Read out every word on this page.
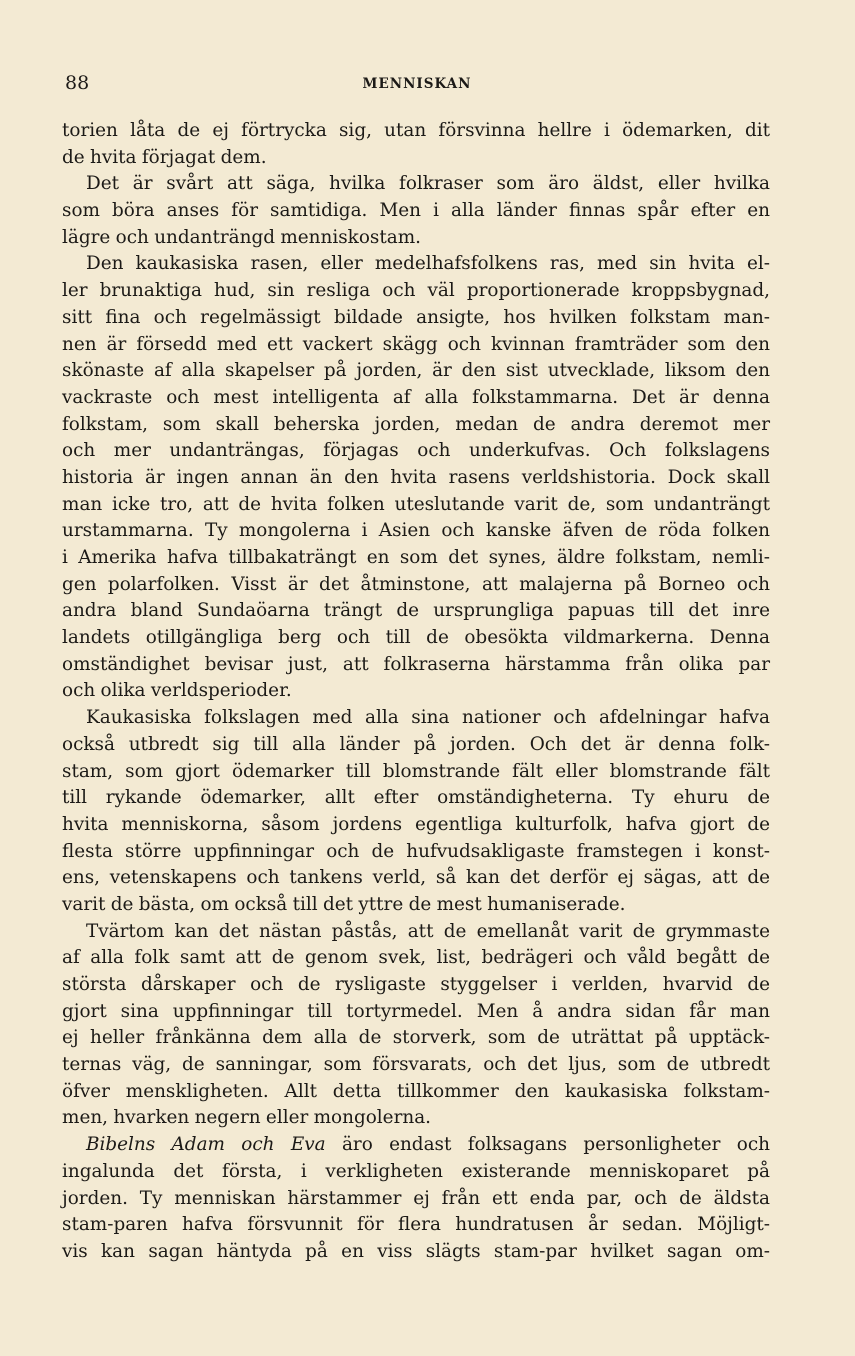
88	MENNISKAN
torien låta de ej förtrycka sig, utan försvinna hellre i ödemarken, dit
de hvita förjagat dem.
Det är svårt att säga, hvilka folkraser som äro äldst, eller hvilka
som böra anses för samtidiga. Men i alla länder finnas spår efter en
lägre och undanträngd menniskostam.
Den kaukasiska rasen, eller medelhafsfolkens ras, med sin hvita el-
ler brunaktiga hud, sin resliga och väl proportionerade kroppsbygnad,
sitt fina och regelmässigt bildade ansigte, hos hvilken folkstam man-
nen är försedd med ett vackert skägg och kvinnan framträder som den
skönaste af alla skapelser på jorden, är den sist utvecklade, liksom den
vackraste och mest intelligenta af alla folkstammarna. Det är denna
folkstam, som skall beherska jorden, medan de andra deremot mer
och mer undanträngas, förjagas och underkufvas. Och folkslagens
historia är ingen annan än den hvita rasens verldshistoria. Dock skall
man icke tro, att de hvita folken uteslutande varit de, som undanträngt
urstammarna. Ty mongolerna i Asien och kanske äfven de röda folken
i Amerika hafva tillbakaträngt en som det synes, äldre folkstam, nemli-
gen polarfolken. Visst är det åtminstone, att malajerna på Borneo och
andra bland Sundaöarna trängt de ursprungliga papuas till det inre
landets otillgängliga berg och till de obesökta vildmarkerna. Denna
omständighet bevisar just, att folkraserna härstamma från olika par
och olika verldsperioder.
Kaukasiska folkslagen med alla sina nationer och afdelningar hafva
också utbredt sig till alla länder på jorden. Och det är denna folk-
stam, som gjort ödemarker till blomstrande fält eller blomstrande fält
till rykande ödemarker, allt efter omständigheterna. Ty ehuru de
hvita menniskorna, såsom jordens egentliga kulturfolk, hafva gjort de
flesta större uppfinningar och de hufvudsakligaste framstegen i konst-
ens, vetenskapens och tankens verld, så kan det derför ej sägas, att de
varit de bästa, om också till det yttre de mest humaniserade.
Tvärtom kan det nästan påstås, att de emellanåt varit de grymmaste
af alla folk samt att de genom svek, list, bedrägeri och våld begått de
största dårskaper och de rysligaste styggelser i verlden, hvarvid de
gjort sina uppfinningar till tortyrmedel. Men å andra sidan får man
ej heller frånkänna dem alla de storverk, som de uträttat på upptäck-
ternas väg, de sanningar, som försvarats, och det ljus, som de utbredt
öfver menskligheten. Allt detta tillkommer den kaukasiska folkstam-
men, hvarken negern eller mongolerna.
Bibelns Adam och Eva äro endast folksagans personligheter och
ingalunda det första, i verkligheten existerande menniskoparet på
jorden. Ty menniskan härstammer ej från ett enda par, och de äldsta
stam-paren hafva försvunnit för flera hundratusen år sedan. Möjligt-
vis kan sagan häntyda på en viss slägts stam-par hvilket sagan om-
